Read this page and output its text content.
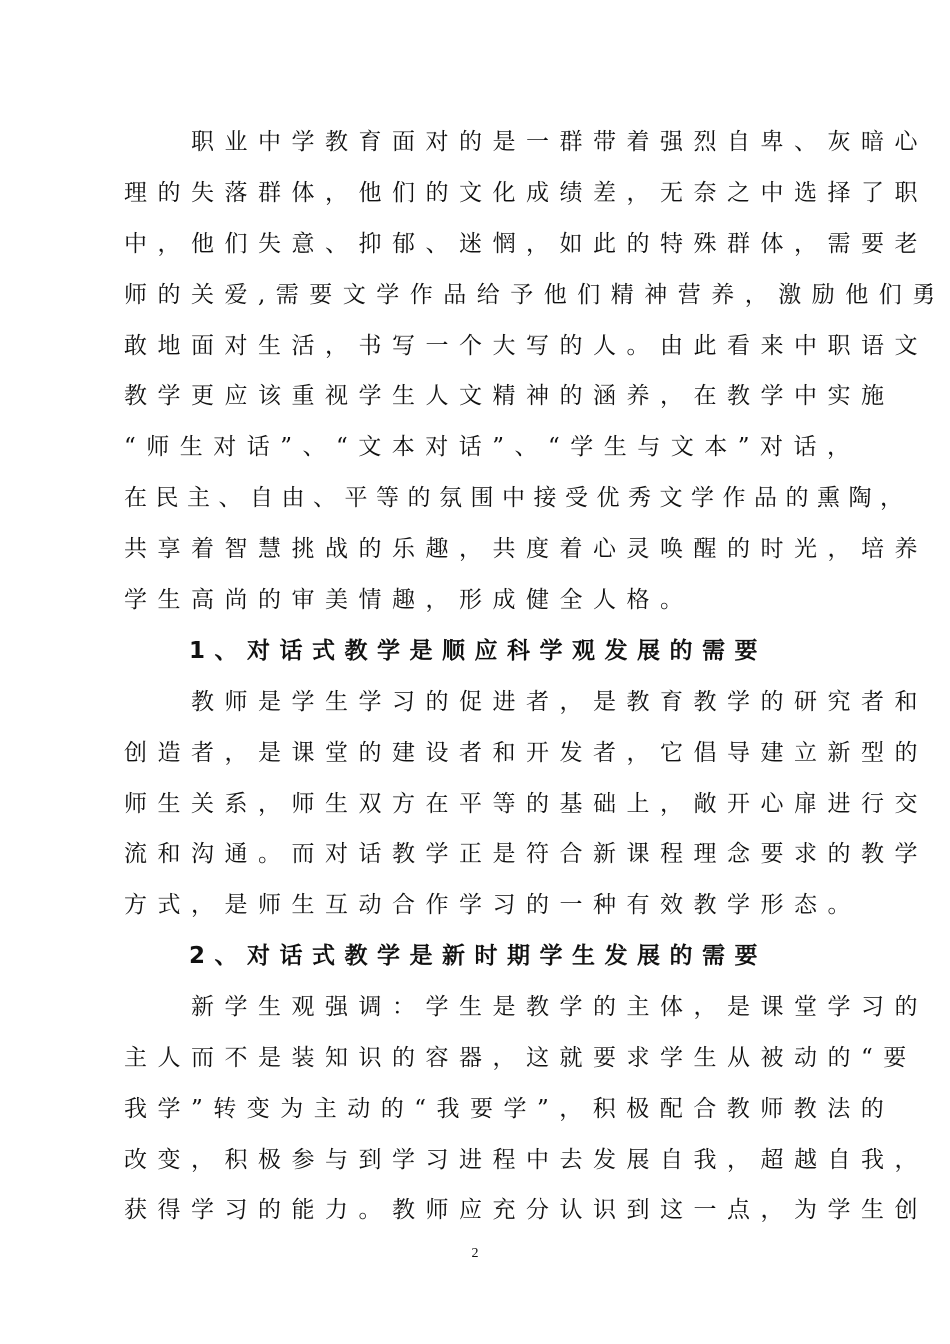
　　职业中学教育面对的是一群带着强烈自卑、灰暗心
理的失落群体，他们的文化成绩差，无奈之中选择了职
中，他们失意、抑郁、迷惘，如此的特殊群体，需要老
师的关爱,需要文学作品给予他们精神营养，激励他们勇
敢地面对生活，书写一个大写的人。由此看来中职语文
教学更应该重视学生人文精神的涵养，在教学中实施
“师生对话”、“文本对话”、“学生与文本”对话，
在民主、自由、平等的氛围中接受优秀文学作品的熏陶，
共享着智慧挑战的乐趣，共度着心灵唤醒的时光，培养
学生高尚的审美情趣，形成健全人格。
　　1、对话式教学是顺应科学观发展的需要
　　教师是学生学习的促进者，是教育教学的研究者和
创造者，是课堂的建设者和开发者，它倡导建立新型的
师生关系，师生双方在平等的基础上，敞开心扉进行交
流和沟通。而对话教学正是符合新课程理念要求的教学
方式，是师生互动合作学习的一种有效教学形态。
　　2、对话式教学是新时期学生发展的需要
　　新学生观强调：学生是教学的主体，是课堂学习的
主人而不是装知识的容器，这就要求学生从被动的“要
我学”转变为主动的“我要学”，积极配合教师教法的
改变，积极参与到学习进程中去发展自我，超越自我，
获得学习的能力。教师应充分认识到这一点，为学生创
2
